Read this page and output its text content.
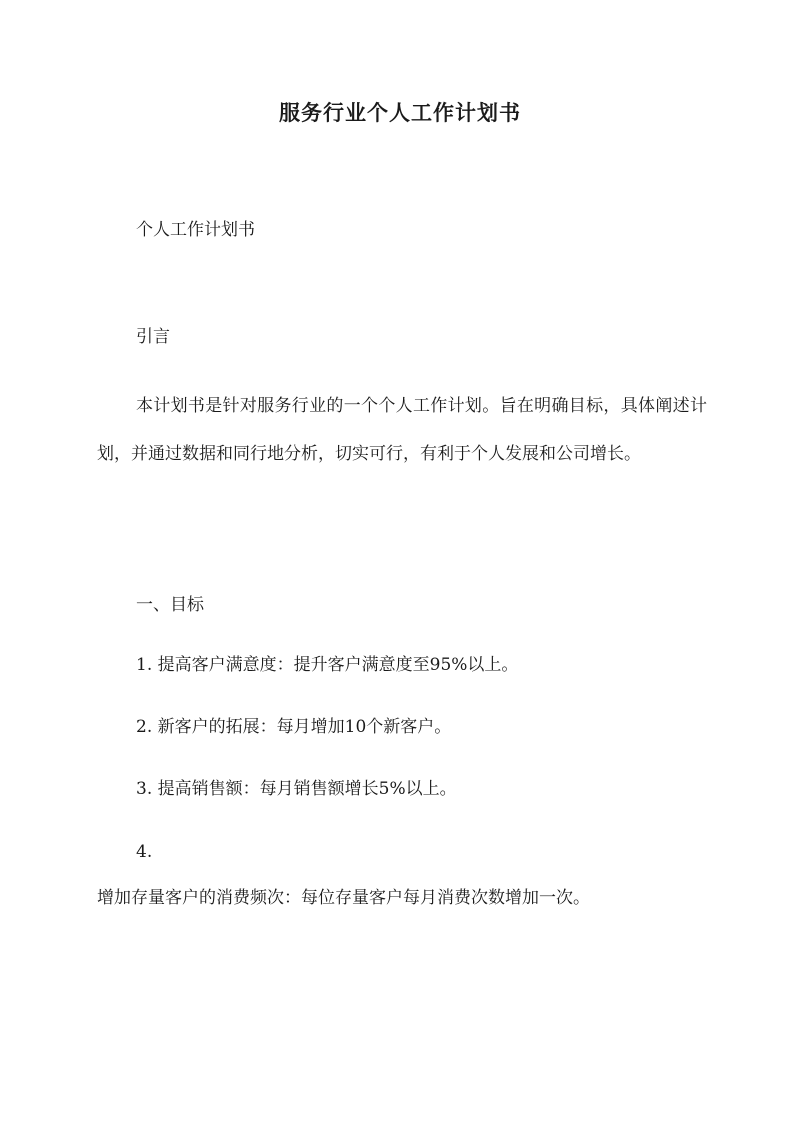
服务行业个人工作计划书
个人工作计划书
引言
本计划书是针对服务行业的一个个人工作计划。旨在明确目标，具体阐述计划，并通过数据和同行地分析，切实可行，有利于个人发展和公司增长。
一、目标
1. 提高客户满意度：提升客户满意度至95%以上。
2. 新客户的拓展：每月增加10个新客户。
3. 提高销售额：每月销售额增长5%以上。
4.
增加存量客户的消费频次：每位存量客户每月消费次数增加一次。
